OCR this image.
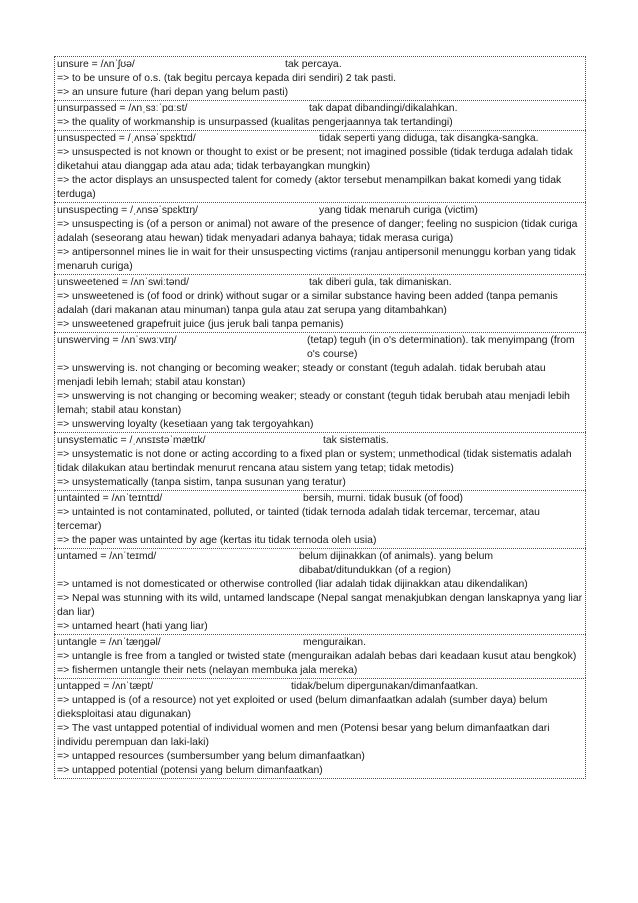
unsure = /ʌnˈʃʊə/	tak percaya.
=> to be unsure of o.s. (tak begitu percaya kepada diri sendiri) 2 tak pasti.
=> an unsure future (hari depan yang belum pasti)
unsurpassed = /ʌnˌsɜːˈpɑːst/	tak dapat dibandingi/dikalahkan.
=> the quality of workmanship is unsurpassed (kualitas pengerjaannya tak tertandingi)
unsuspected = /ˌʌnsəˈspɛktɪd/	tidak seperti yang diduga, tak disangka-sangka.
=> unsuspected is not known or thought to exist or be present; not imagined possible (tidak terduga adalah tidak diketahui atau dianggap ada atau ada; tidak terbayangkan mungkin)
=> the actor displays an unsuspected talent for comedy (aktor tersebut menampilkan bakat komedi yang tidak terduga)
unsuspecting = /ˌʌnsəˈspɛktɪŋ/	yang tidak menaruh curiga (victim)
=> unsuspecting is (of a person or animal) not aware of the presence of danger; feeling no suspicion (tidak curiga adalah (seseorang atau hewan) tidak menyadari adanya bahaya; tidak merasa curiga)
=> antipersonnel mines lie in wait for their unsuspecting victims (ranjau antipersonil menunggu korban yang tidak menaruh curiga)
unsweetened = /ʌnˈswiːtənd/	tak diberi gula, tak dimaniskan.
=> unsweetened is (of food or drink) without sugar or a similar substance having been added (tanpa pemanis adalah (dari makanan atau minuman) tanpa gula atau zat serupa yang ditambahkan)
=> unsweetened grapefruit juice (jus jeruk bali tanpa pemanis)
unswerving = /ʌnˈswɜːvɪŋ/	(tetap) teguh (in o's determination). tak menyimpang (from o's course)
=> unswerving is. not changing or becoming weaker; steady or constant (teguh adalah. tidak berubah atau menjadi lebih lemah; stabil atau konstan)
=> unswerving is not changing or becoming weaker; steady or constant (teguh tidak berubah atau menjadi lebih lemah; stabil atau konstan)
=> unswerving loyalty (kesetiaan yang tak tergoyahkan)
unsystematic = /ˌʌnsɪstəˈmætɪk/	tak sistematis.
=> unsystematic is not done or acting according to a fixed plan or system; unmethodical (tidak sistematis adalah tidak dilakukan atau bertindak menurut rencana atau sistem yang tetap; tidak metodis)
=> unsystematically (tanpa sistim, tanpa susunan yang teratur)
untainted = /ʌnˈteɪntɪd/	bersih, murni. tidak busuk (of food)
=> untainted is not contaminated, polluted, or tainted (tidak ternoda adalah tidak tercemar, tercemar, atau tercemar)
=> the paper was untainted by age (kertas itu tidak ternoda oleh usia)
untamed = /ʌnˈteɪmd/	belum dijinakkan (of animals). yang belum dibabat/ditundukkan (of a region)
=> untamed is not domesticated or otherwise controlled (liar adalah tidak dijinakkan atau dikendalikan)
=> Nepal was stunning with its wild, untamed landscape (Nepal sangat menakjubkan dengan lanskapnya yang liar dan liar)
=> untamed heart (hati yang liar)
untangle = /ʌnˈtæŋɡəl/	menguraikan.
=> untangle is free from a tangled or twisted state (menguraikan adalah bebas dari keadaan kusut atau bengkok)
=> fishermen untangle their nets (nelayan membuka jala mereka)
untapped = /ʌnˈtæpt/	tidak/belum dipergunakan/dimanfaatkan.
=> untapped is (of a resource) not yet exploited or used (belum dimanfaatkan adalah (sumber daya) belum dieksploitasi atau digunakan)
=> The vast untapped potential of individual women and men (Potensi besar yang belum dimanfaatkan dari individu perempuan dan laki-laki)
=> untapped resources (sumbersumber yang belum dimanfaatkan)
=> untapped potential (potensi yang belum dimanfaatkan)
